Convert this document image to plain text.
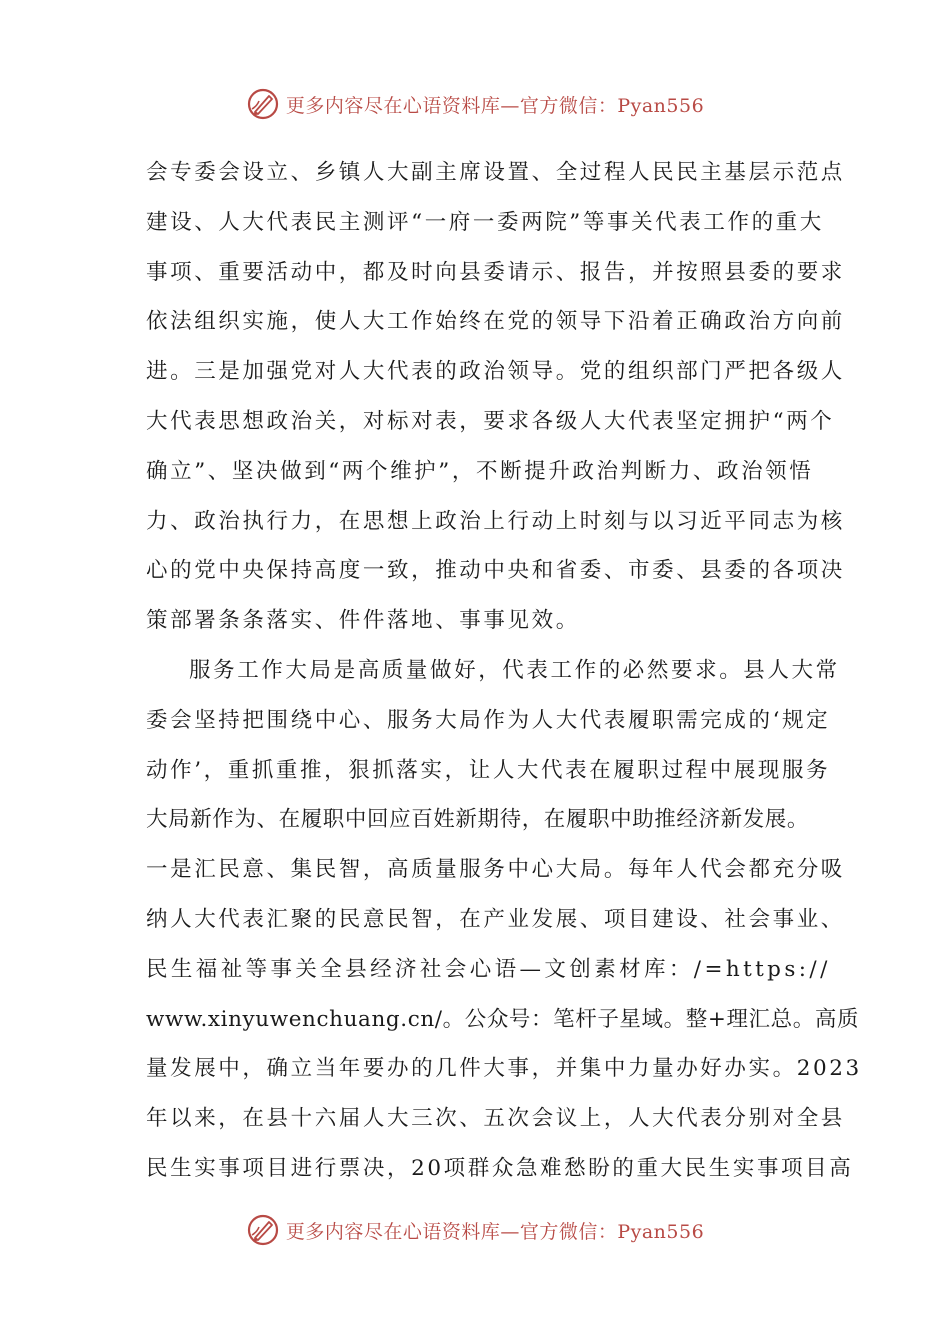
更多内容尽在心语资料库—官方微信：Pyan556

会专委会设立、乡镇人大副主席设置、全过程人民民主基层示范点
建设、人大代表民主测评“一府一委两院”等事关代表工作的重大
事项、重要活动中，都及时向县委请示、报告，并按照县委的要求
依法组织实施，使人大工作始终在党的领导下沿着正确政治方向前
进。三是加强党对人大代表的政治领导。党的组织部门严把各级人
大代表思想政治关，对标对表，要求各级人大代表坚定拥护“两个
确立”、坚决做到“两个维护”，不断提升政治判断力、政治领悟
力、政治执行力，在思想上政治上行动上时刻与以习近平同志为核
心的党中央保持高度一致，推动中央和省委、市委、县委的各项决
策部署条条落实、件件落地、事事见效。

服务工作大局是高质量做好，代表工作的必然要求。县人大常
委会坚持把围绕中心、服务大局作为人大代表履职需完成的‘规定
动作’，重抓重推，狠抓落实，让人大代表在履职过程中展现服务
大局新作为、在履职中回应百姓新期待，在履职中助推经济新发展。
一是汇民意、集民智，高质量服务中心大局。每年人代会都充分吸
纳人大代表汇聚的民意民智，在产业发展、项目建设、社会事业、
民生福祉等事关全县经济社会心语—文创素材库：/=https://
www.xinyuwenchuang.cn/。公众号：笔杆子星域。整+理汇总。高质
量发展中，确立当年要办的几件大事，并集中力量办好办实。2023
年以来，在县十六届人大三次、五次会议上，人大代表分别对全县
民生实事项目进行票决，20项群众急难愁盼的重大民生实事项目高

更多内容尽在心语资料库—官方微信：Pyan556
